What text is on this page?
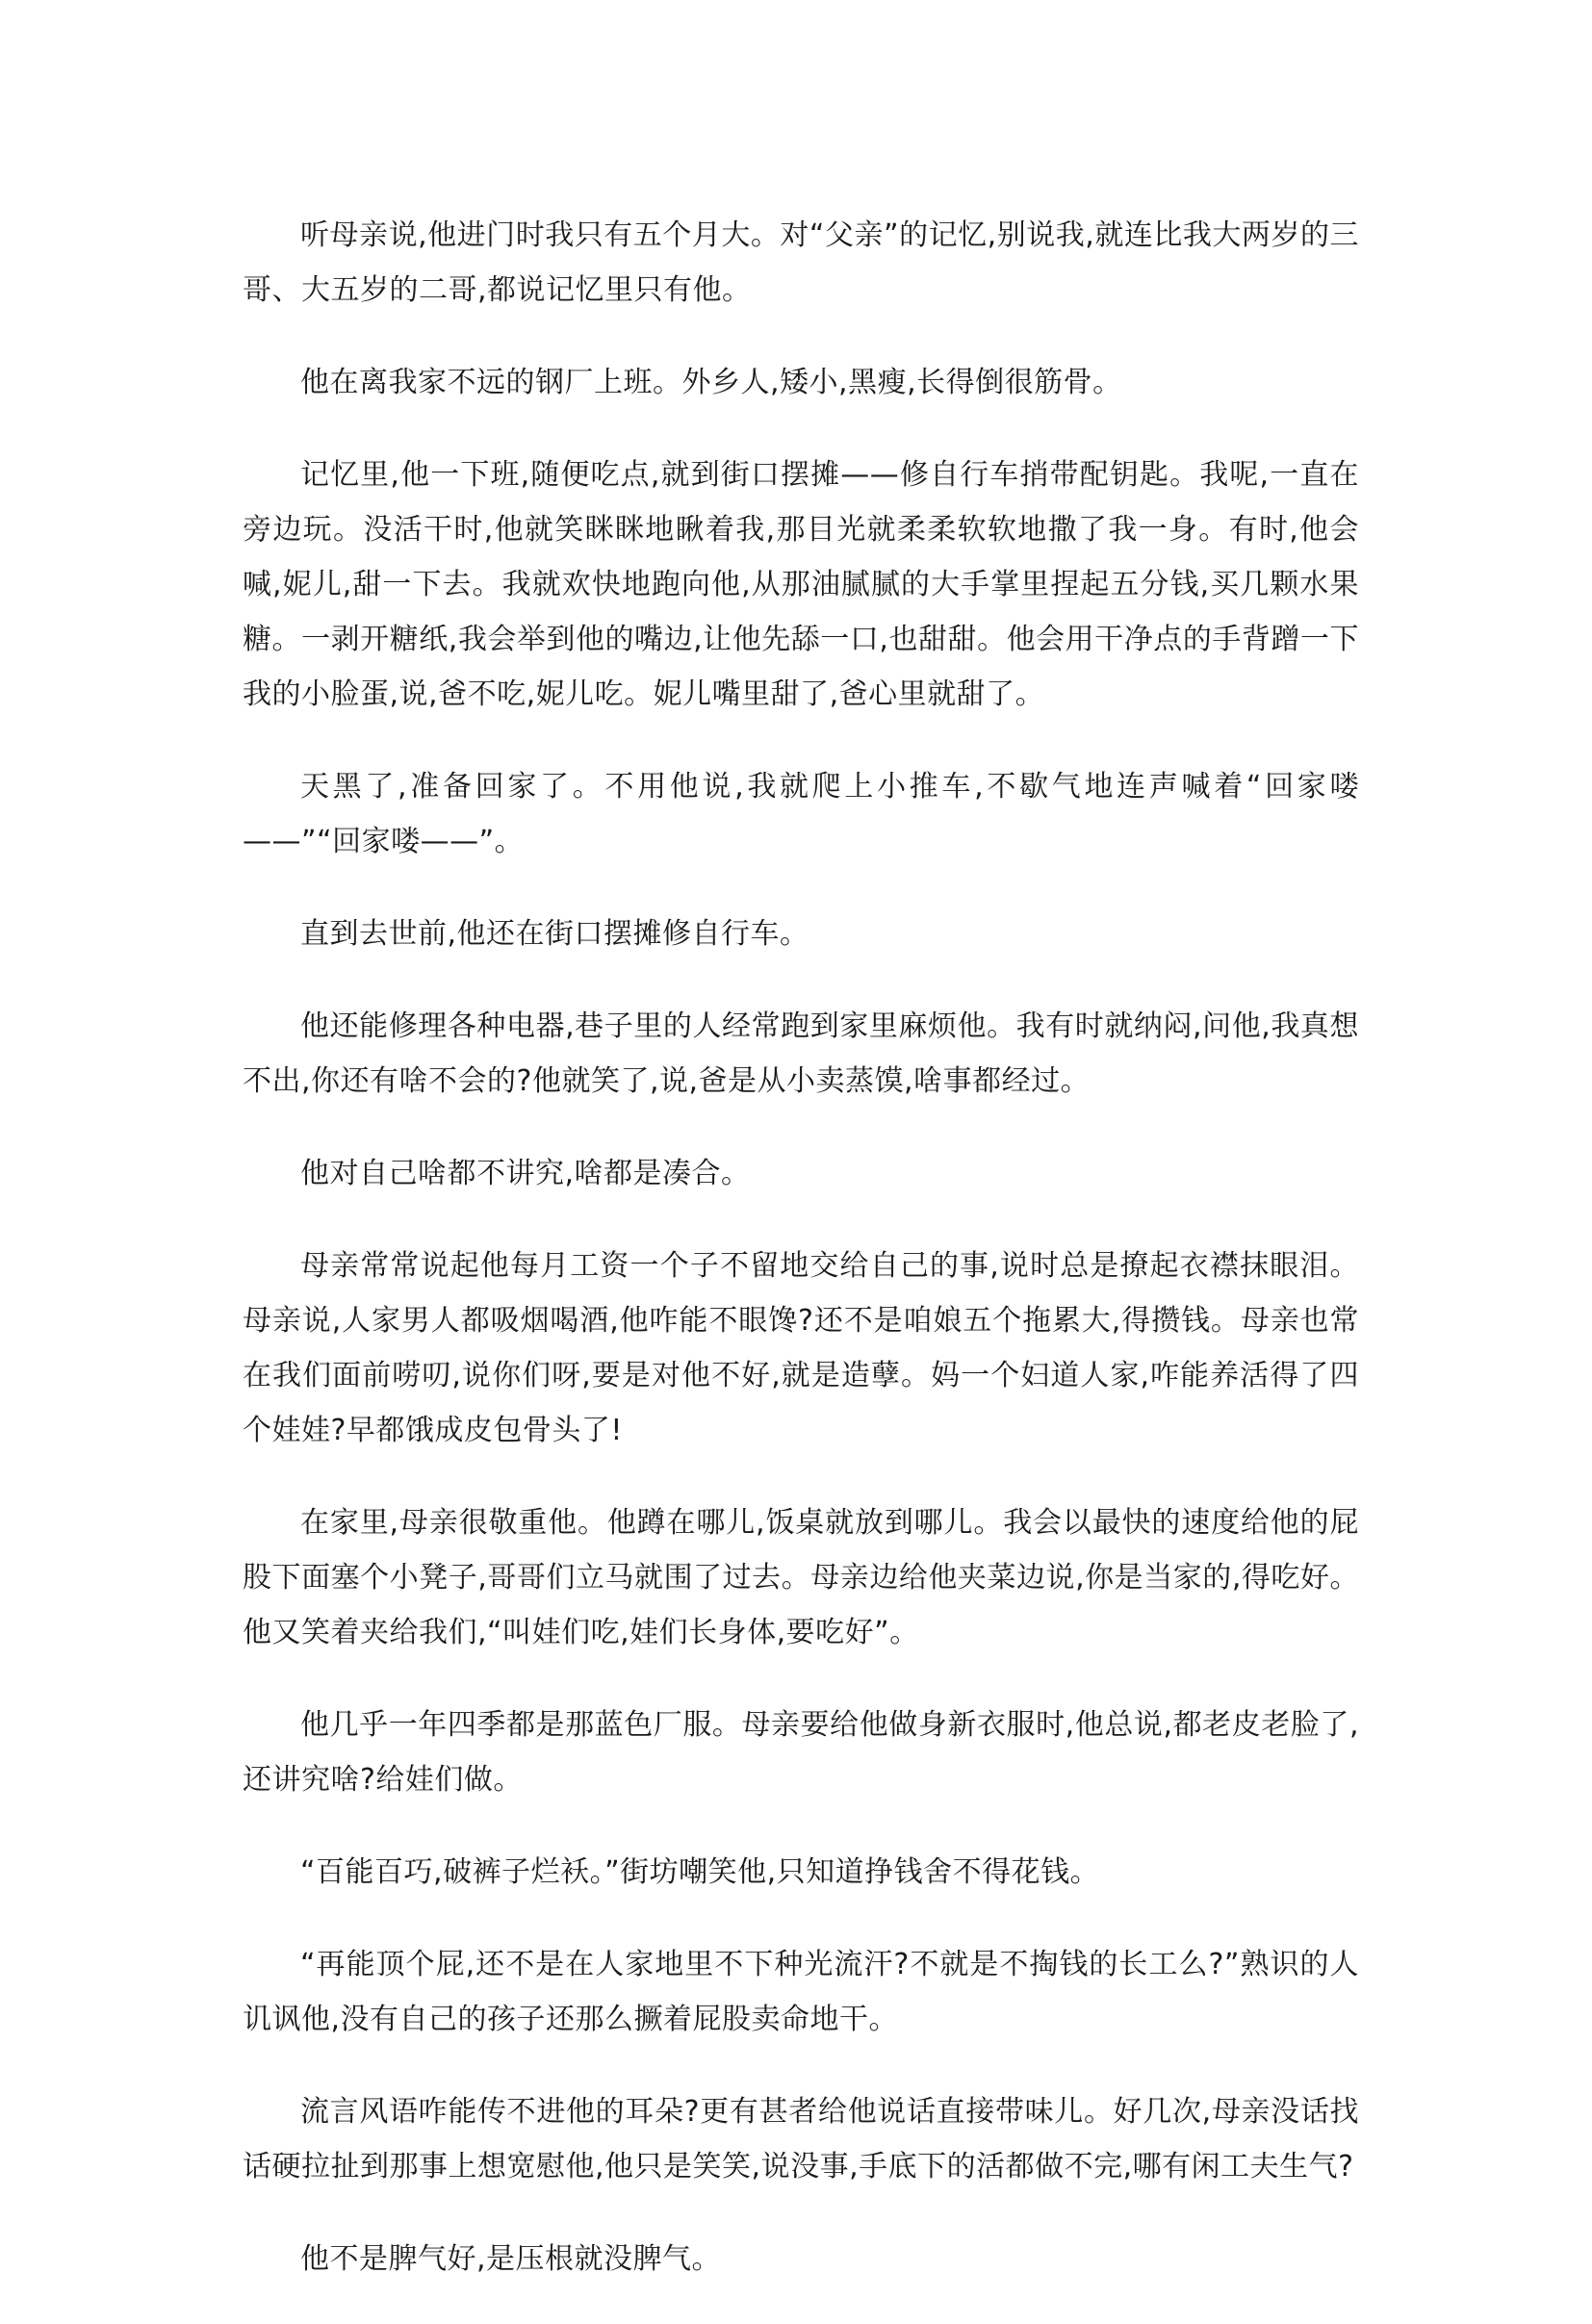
听母亲说,他进门时我只有五个月大。对“父亲”的记忆,别说我,就连比我大两岁的三哥、大五岁的二哥,都说记忆里只有他。

他在离我家不远的钢厂上班。外乡人,矮小,黑瘦,长得倒很筋骨。

记忆里,他一下班,随便吃点,就到街口摆摊——修自行车捎带配钥匙。我呢,一直在旁边玩。没活干时,他就笑眯眯地瞅着我,那目光就柔柔软软地撒了我一身。有时,他会喊,妮儿,甜一下去。我就欢快地跑向他,从那油腻腻的大手掌里捏起五分钱,买几颗水果糖。一剥开糖纸,我会举到他的嘴边,让他先舔一口,也甜甜。他会用干净点的手背蹭一下我的小脸蛋,说,爸不吃,妮儿吃。妮儿嘴里甜了,爸心里就甜了。

天黑了,准备回家了。不用他说,我就爬上小推车,不歇气地连声喊着“回家喽——”“回家喽——”。

直到去世前,他还在街口摆摊修自行车。

他还能修理各种电器,巷子里的人经常跑到家里麻烦他。我有时就纳闷,问他,我真想不出,你还有啥不会的?他就笑了,说,爸是从小卖蒸馍,啥事都经过。

他对自己啥都不讲究,啥都是凑合。

母亲常常说起他每月工资一个子不留地交给自己的事,说时总是撩起衣襟抹眼泪。母亲说,人家男人都吸烟喝酒,他咋能不眼馋?还不是咱娘五个拖累大,得攒钱。母亲也常在我们面前唠叨,说你们呀,要是对他不好,就是造孽。妈一个妇道人家,咋能养活得了四个娃娃?早都饿成皮包骨头了!

在家里,母亲很敬重他。他蹲在哪儿,饭桌就放到哪儿。我会以最快的速度给他的屁股下面塞个小凳子,哥哥们立马就围了过去。母亲边给他夹菜边说,你是当家的,得吃好。他又笑着夹给我们,“叫娃们吃,娃们长身体,要吃好”。

他几乎一年四季都是那蓝色厂服。母亲要给他做身新衣服时,他总说,都老皮老脸了,还讲究啥?给娃们做。

“百能百巧,破裤子烂袄。”街坊嘲笑他,只知道挣钱舍不得花钱。

“再能顶个屁,还不是在人家地里不下种光流汗?不就是不掏钱的长工么?”熟识的人讥讽他,没有自己的孩子还那么撅着屁股卖命地干。

流言风语咋能传不进他的耳朵?更有甚者给他说话直接带味儿。好几次,母亲没话找话硬拉扯到那事上想宽慰他,他只是笑笑,说没事,手底下的活都做不完,哪有闲工夫生气?

他不是脾气好,是压根就没脾气。
